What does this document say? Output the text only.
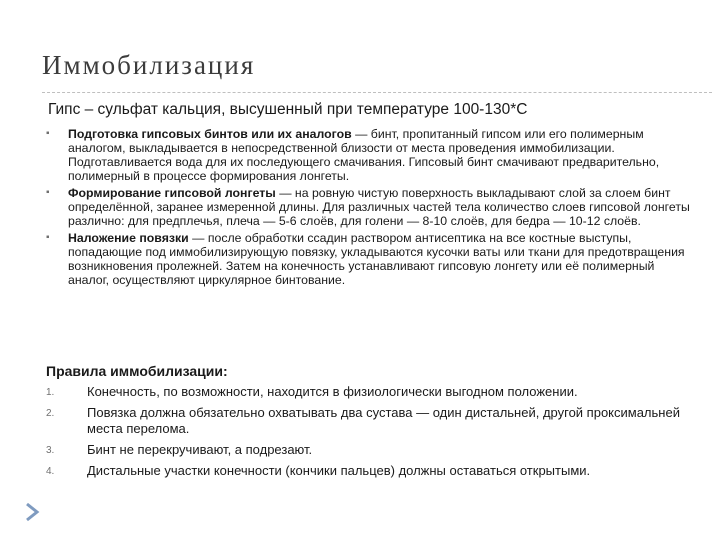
Иммобилизация
Гипс – сульфат кальция, высушенный при температуре 100-130*С
▪ Подготовка гипсовых бинтов или их аналогов — бинт, пропитанный гипсом или его полимерным аналогом, выкладывается в непосредственной близости от места проведения иммобилизации. Подготавливается вода для их последующего смачивания. Гипсовый бинт смачивают предварительно, полимерный в процессе формирования лонгеты.
▪ Формирование гипсовой лонгеты — на ровную чистую поверхность выкладывают слой за слоем бинт определённой, заранее измеренной длины. Для различных частей тела количество слоев гипсовой лонгеты различно: для предплечья, плеча — 5-6 слоёв, для голени — 8-10 слоёв, для бедра — 10-12 слоёв.
▪ Наложение повязки — после обработки ссадин раствором антисептика на все костные выступы, попадающие под иммобилизирующую повязку, укладываются кусочки ваты или ткани для предотвращения возникновения пролежней. Затем на конечность устанавливают гипсовую лонгету или её полимерный аналог, осуществляют циркулярное бинтование.
Правила иммобилизации:
1.	Конечность, по возможности, находится в физиологически выгодном положении.
2.	Повязка должна обязательно охватывать два сустава — один дистальней, другой проксимальней места перелома.
3.	Бинт не перекручивают, а подрезают.
4.	Дистальные участки конечности (кончики пальцев) должны оставаться открытыми.
